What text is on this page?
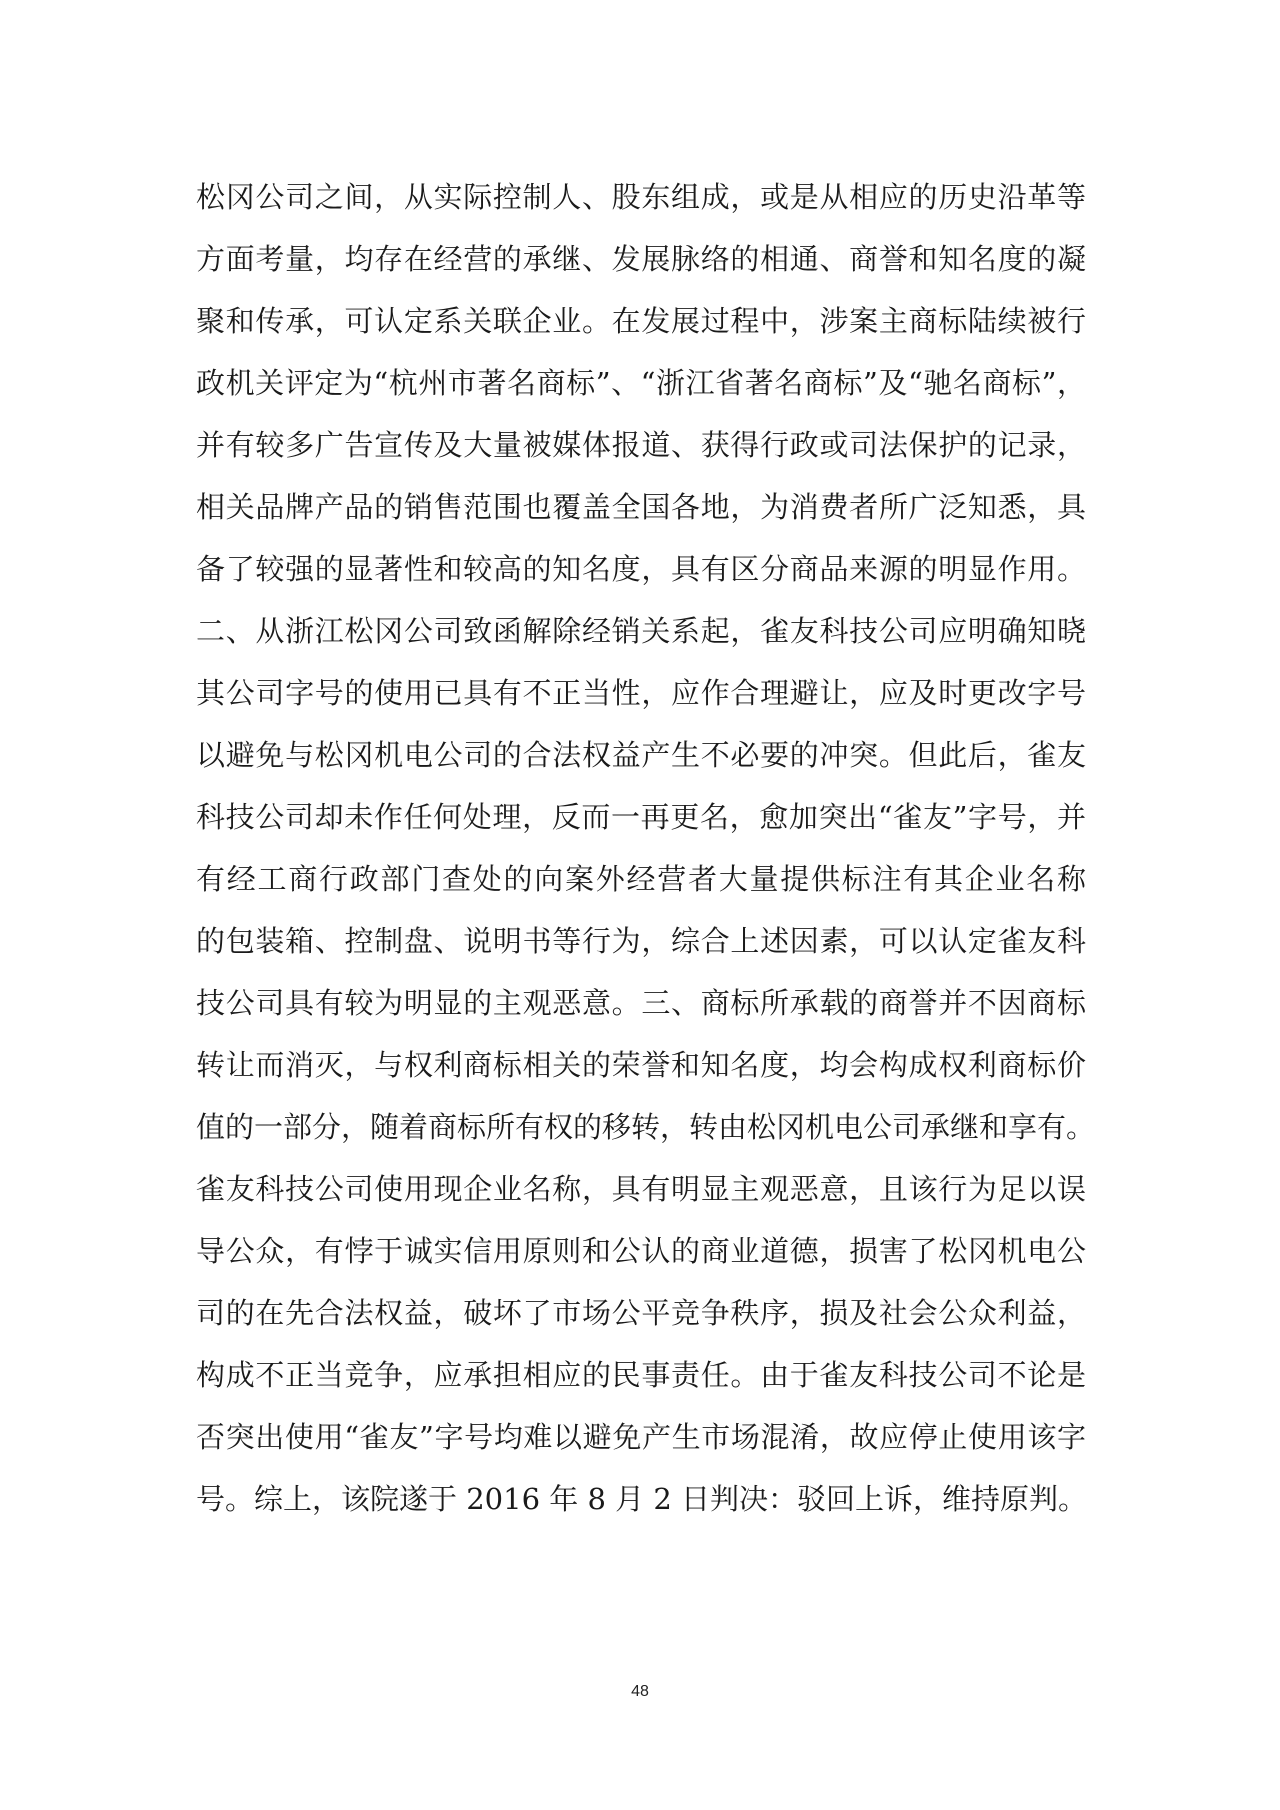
松冈公司之间，从实际控制人、股东组成，或是从相应的历史沿革等
方面考量，均存在经营的承继、发展脉络的相通、商誉和知名度的凝
聚和传承，可认定系关联企业。在发展过程中，涉案主商标陆续被行
政机关评定为“杭州市著名商标”、“浙江省著名商标”及“驰名商标”，
并有较多广告宣传及大量被媒体报道、获得行政或司法保护的记录，
相关品牌产品的销售范围也覆盖全国各地，为消费者所广泛知悉，具
备了较强的显著性和较高的知名度，具有区分商品来源的明显作用。
二、从浙江松冈公司致函解除经销关系起，雀友科技公司应明确知晓
其公司字号的使用已具有不正当性，应作合理避让，应及时更改字号
以避免与松冈机电公司的合法权益产生不必要的冲突。但此后，雀友
科技公司却未作任何处理，反而一再更名，愈加突出“雀友”字号，并
有经工商行政部门查处的向案外经营者大量提供标注有其企业名称
的包装箱、控制盘、说明书等行为，综合上述因素，可以认定雀友科
技公司具有较为明显的主观恶意。三、商标所承载的商誉并不因商标
转让而消灭，与权利商标相关的荣誉和知名度，均会构成权利商标价
值的一部分，随着商标所有权的移转，转由松冈机电公司承继和享有。
雀友科技公司使用现企业名称，具有明显主观恶意，且该行为足以误
导公众，有悖于诚实信用原则和公认的商业道德，损害了松冈机电公
司的在先合法权益，破坏了市场公平竞争秩序，损及社会公众利益，
构成不正当竞争，应承担相应的民事责任。由于雀友科技公司不论是
否突出使用“雀友”字号均难以避免产生市场混淆，故应停止使用该字
号。综上，该院遂于 2016 年 8 月 2 日判决：驳回上诉，维持原判。
48
